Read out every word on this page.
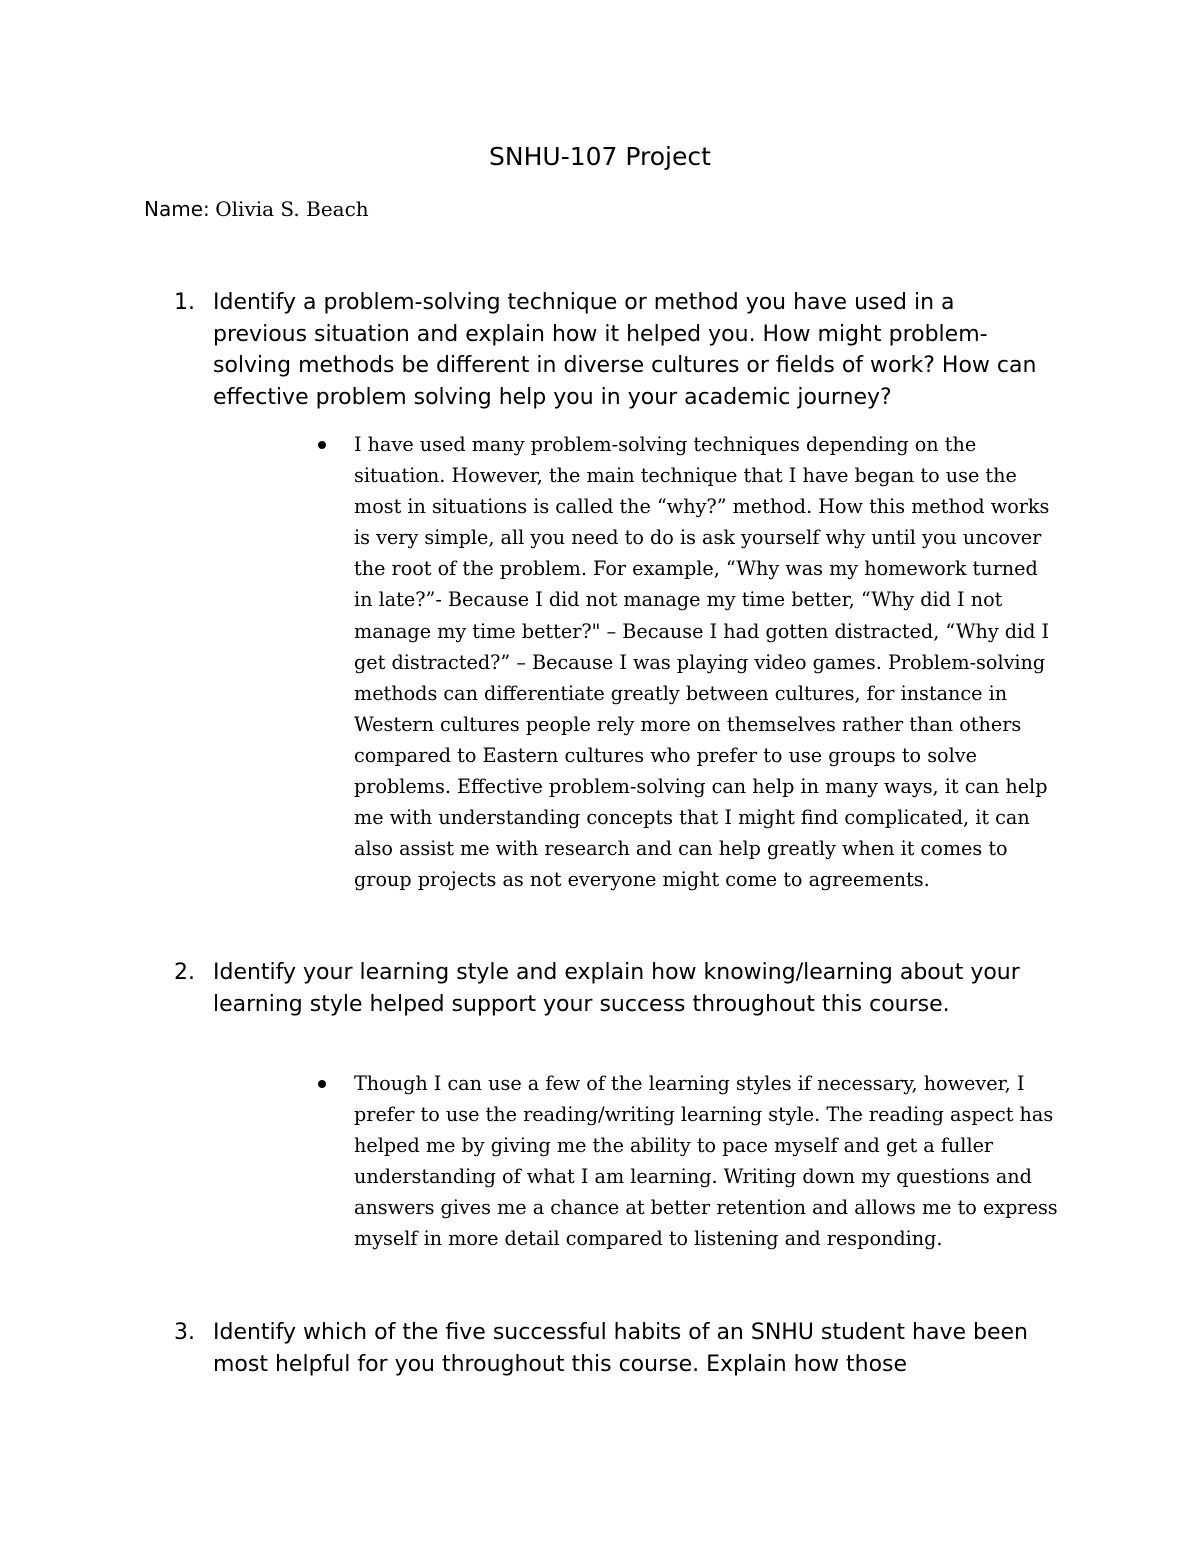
SNHU-107 Project
Name: Olivia S. Beach
1. Identify a problem-solving technique or method you have used in a previous situation and explain how it helped you. How might problem-solving methods be different in diverse cultures or fields of work? How can effective problem solving help you in your academic journey?
I have used many problem-solving techniques depending on the situation. However, the main technique that I have began to use the most in situations is called the “why?” method. How this method works is very simple, all you need to do is ask yourself why until you uncover the root of the problem. For example, “Why was my homework turned in late?”- Because I did not manage my time better, “Why did I not manage my time better?" – Because I had gotten distracted, “Why did I get distracted?” – Because I was playing video games. Problem-solving methods can differentiate greatly between cultures, for instance in Western cultures people rely more on themselves rather than others compared to Eastern cultures who prefer to use groups to solve problems. Effective problem-solving can help in many ways, it can help me with understanding concepts that I might find complicated, it can also assist me with research and can help greatly when it comes to group projects as not everyone might come to agreements.
2. Identify your learning style and explain how knowing/learning about your learning style helped support your success throughout this course.
Though I can use a few of the learning styles if necessary, however, I prefer to use the reading/writing learning style. The reading aspect has helped me by giving me the ability to pace myself and get a fuller understanding of what I am learning. Writing down my questions and answers gives me a chance at better retention and allows me to express myself in more detail compared to listening and responding.
3. Identify which of the five successful habits of an SNHU student have been most helpful for you throughout this course. Explain how those
